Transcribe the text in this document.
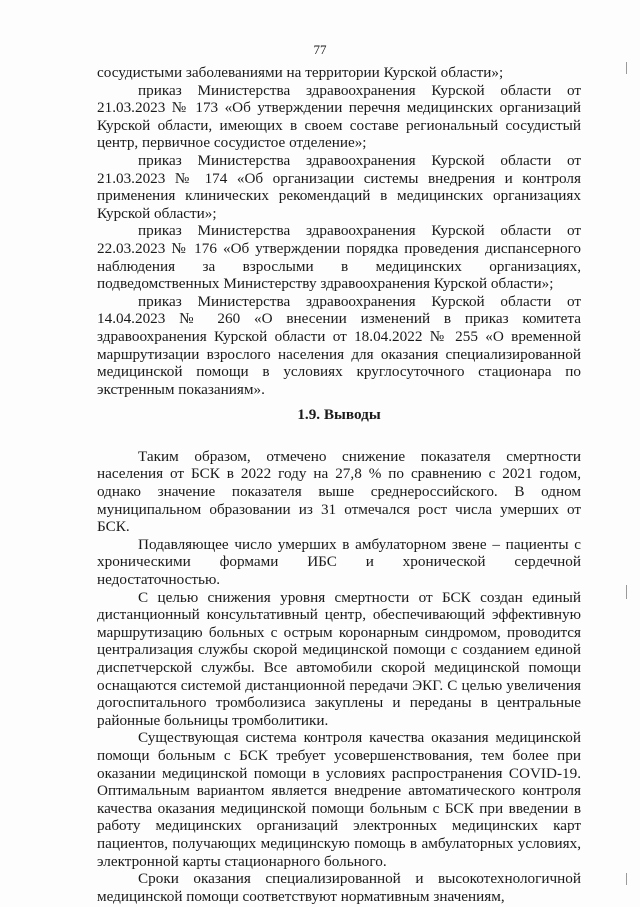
77

сосудистыми заболеваниями на территории Курской области»;

приказ Министерства здравоохранения Курской области от 21.03.2023 № 173 «Об утверждении перечня медицинских организаций Курской области, имеющих в своем составе региональный сосудистый центр, первичное сосудистое отделение»;

приказ Министерства здравоохранения Курской области от 21.03.2023 № 174 «Об организации системы внедрения и контроля применения клинических рекомендаций в медицинских организациях Курской области»;

приказ Министерства здравоохранения Курской области от 22.03.2023 № 176 «Об утверждении порядка проведения диспансерного наблюдения за взрослыми в медицинских организациях, подведомственных Министерству здравоохранения Курской области»;

приказ Министерства здравоохранения Курской области от 14.04.2023 № 260 «О внесении изменений в приказ комитета здравоохранения Курской области от 18.04.2022 № 255 «О временной маршрутизации взрослого населения для оказания специализированной медицинской помощи в условиях круглосуточного стационара по экстренным показаниям».

1.9. Выводы

Таким образом, отмечено снижение показателя смертности населения от БСК в 2022 году на 27,8 % по сравнению с 2021 годом, однако значение показателя выше среднероссийского. В одном муниципальном образовании из 31 отмечался рост числа умерших от БСК.

Подавляющее число умерших в амбулаторном звене – пациенты с хроническими формами ИБС и хронической сердечной недостаточностью.

С целью снижения уровня смертности от БСК создан единый дистанционный консультативный центр, обеспечивающий эффективную маршрутизацию больных с острым коронарным синдромом, проводится централизация службы скорой медицинской помощи с созданием единой диспетчерской службы. Все автомобили скорой медицинской помощи оснащаются системой дистанционной передачи ЭКГ. С целью увеличения догоспитального тромболизиса закуплены и переданы в центральные районные больницы тромболитики.

Существующая система контроля качества оказания медицинской помощи больным с БСК требует усовершенствования, тем более при оказании медицинской помощи в условиях распространения COVID-19. Оптимальным вариантом является внедрение автоматического контроля качества оказания медицинской помощи больным с БСК при введении в работу медицинских организаций электронных медицинских карт пациентов, получающих медицинскую помощь в амбулаторных условиях, электронной карты стационарного больного.

Сроки оказания специализированной и высокотехнологичной медицинской помощи соответствуют нормативным значениям,
